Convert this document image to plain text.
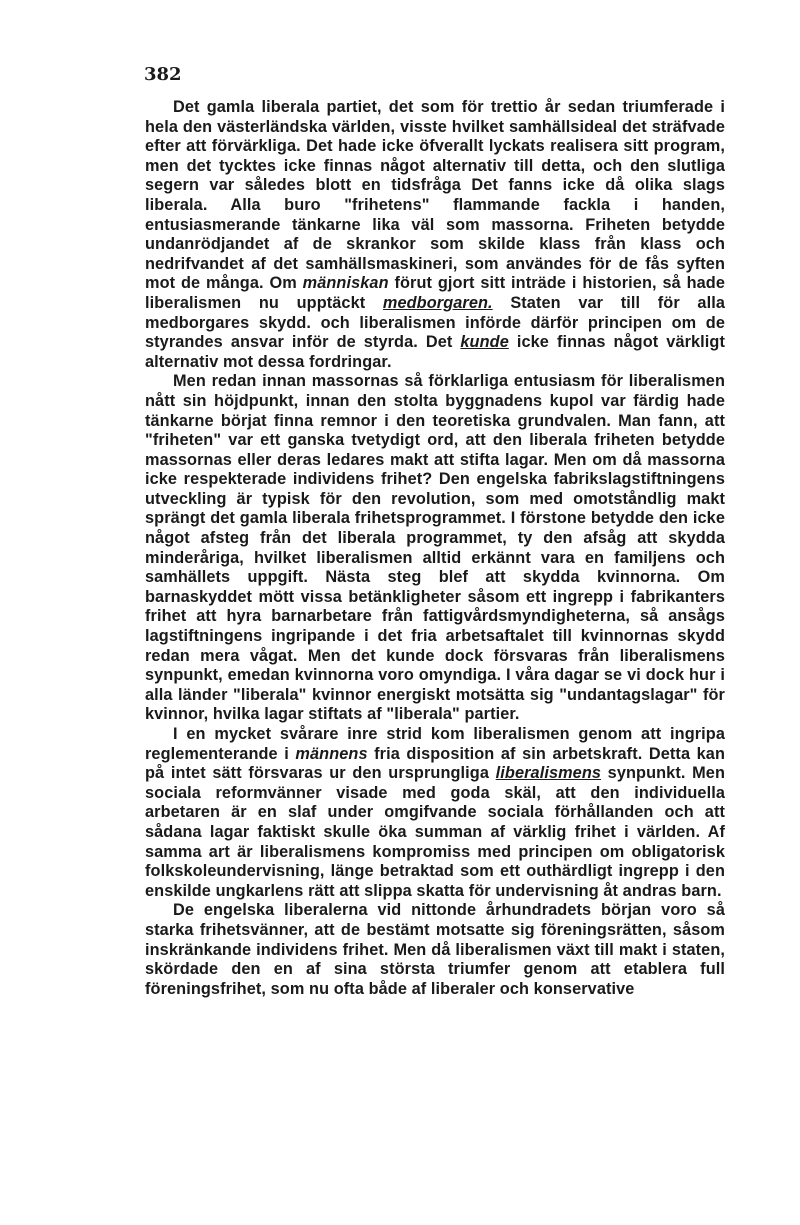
382

Det gamla liberala partiet, det som för trettio år sedan triumferade i hela den västerländska världen, visste hvilket samhällsideal det sträfvade efter att förvärkliga. Det hade icke öfverallt lyckats realisera sitt program, men det tycktes icke finnas något alternativ till detta, och den slutliga segern var således blott en tidsfråga Det fanns icke då olika slags liberala. Alla buro "frihetens" flammande fackla i handen, entusiasmerande tänkarne lika väl som massorna. Friheten betydde undanrödjandet af de skrankor som skilde klass från klass och nedrifvandet af det samhällsmaskineri, som användes för de fås syften mot de många. Om människan förut gjort sitt inträde i historien, så hade liberalismen nu upptäckt medborgaren. Staten var till för alla medborgares skydd. och liberalismen införde därför principen om de styrandes ansvar inför de styrda. Det kunde icke finnas något värkligt alternativ mot dessa fordringar.

Men redan innan massornas så förklarliga entusiasm för liberalismen nått sin höjdpunkt, innan den stolta byggnadens kupol var färdig hade tänkarne börjat finna remnor i den teoretiska grundvalen. Man fann, att "friheten" var ett ganska tvetydigt ord, att den liberala friheten betydde massornas eller deras ledares makt att stifta lagar. Men om då massorna icke respekterade individens frihet? Den engelska fabrikslagstiftningens utveckling är typisk för den revolution, som med omotståndlig makt sprängt det gamla liberala frihetsprogrammet. I förstone betydde den icke något afsteg från det liberala programmet, ty den afsåg att skydda minderåriga, hvilket liberalismen alltid erkännt vara en familjens och samhällets uppgift. Nästa steg blef att skydda kvinnorna. Om barnaskyddet mött vissa betänkligheter såsom ett ingrepp i fabrikanters frihet att hyra barnarbetare från fattigvårdsmyndigheterna, så ansågs lagstiftningens ingripande i det fria arbetsaftalet till kvinnornas skydd redan mera vågat. Men det kunde dock försvaras från liberalismens synpunkt, emedan kvinnorna voro omyndiga. I våra dagar se vi dock hur i alla länder "liberala" kvinnor energiskt motsätta sig "undantagslagar" för kvinnor, hvilka lagar stiftats af "liberala" partier.

I en mycket svårare inre strid kom liberalismen genom att ingripa reglementerande i männens fria disposition af sin arbetskraft. Detta kan på intet sätt försvaras ur den ursprungliga liberalismens synpunkt. Men sociala reformvänner visade med goda skäl, att den individuella arbetaren är en slaf under omgifvande sociala förhållanden och att sådana lagar faktiskt skulle öka summan af värklig frihet i världen. Af samma art är liberalismens kompromiss med principen om obligatorisk folkskoleundervisning, länge betraktad som ett outhärdligt ingrepp i den enskilde ungkarlens rätt att slippa skatta för undervisning åt andras barn.

De engelska liberalerna vid nittonde århundradets början voro så starka frihetsvänner, att de bestämt motsatte sig föreningsrätten, såsom inskränkande individens frihet. Men då liberalismen växt till makt i staten, skördade den en af sina största triumfer genom att etablera full föreningsfrihet, som nu ofta både af liberaler och konservative
